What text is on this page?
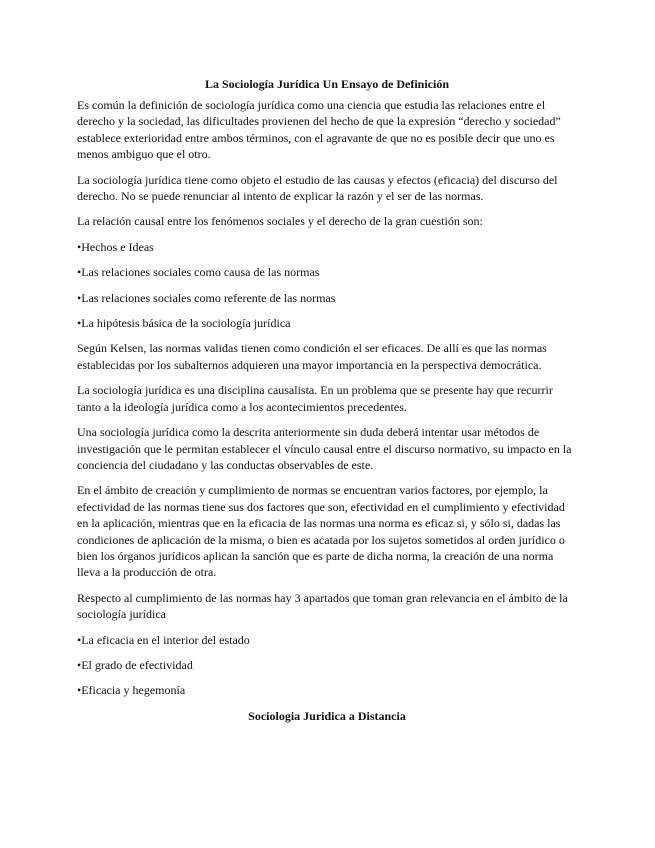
La Sociología Jurídica Un Ensayo de Definición

Es común la definición de sociología jurídica como una ciencia que estudia las relaciones entre el derecho y la sociedad, las dificultades provienen del hecho de que la expresión “derecho y sociedad” establece exterioridad entre ambos términos, con el agravante de que no es posible decir que uno es menos ambiguo que el otro.

La sociología jurídica tiene como objeto el estudio de las causas y efectos (eficacia) del discurso del derecho. No se puede renunciar al intento de explicar la razón y el ser de las normas.

La relación causal entre los fenómenos sociales y el derecho de la gran cuestión son:

•Hechos e Ideas
•Las relaciones sociales como causa de las normas
•Las relaciones sociales como referente de las normas
•La hipótesis básica de la sociología jurídica

Según Kelsen, las normas validas tienen como condición el ser eficaces. De allí es que las normas establecidas por los subalternos adquieren una mayor importancia en la perspectiva democrática.

La sociología jurídica es una disciplina causalista. En un problema que se presente hay que recurrir tanto a la ideología jurídica como a los acontecimientos precedentes.

Una sociología jurídica como la descrita anteriormente sin duda deberá intentar usar métodos de investigación que le permitan establecer el vínculo causal entre el discurso normativo, su impacto en la conciencia del ciudadano y las conductas observables de este.

En el ámbito de creación y cumplimiento de normas se encuentran varios factores, por ejemplo, la efectividad de las normas tiene sus dos factores que son, efectividad en el cumplimiento y efectividad en la aplicación, mientras que en la eficacia de las normas una norma es eficaz si, y sólo si, dadas las condiciones de aplicación de la misma, o bien es acatada por los sujetos sometidos al orden jurídico o bien los órganos jurídicos aplican la sanción que es parte de dicha norma, la creación de una norma lleva a la producción de otra.

Respecto al cumplimiento de las normas hay 3 apartados que toman gran relevancia en el ámbito de la sociología jurídica

•La eficacia en el interior del estado
•El grado de efectividad
•Eficacia y hegemonía
Sociologia Juridica a Distancia
